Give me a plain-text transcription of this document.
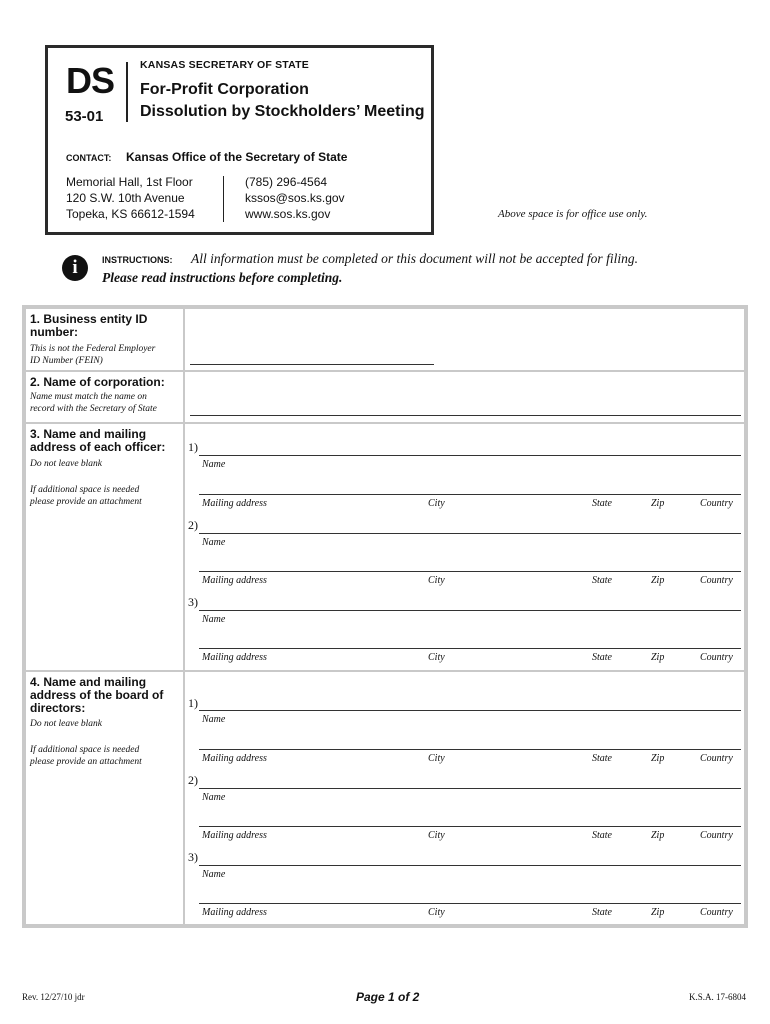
DS
53-01
KANSAS SECRETARY OF STATE
For-Profit Corporation
Dissolution by Stockholders’ Meeting
CONTACT: Kansas Office of the Secretary of State
Memorial Hall, 1st Floor
120 S.W. 10th Avenue
Topeka, KS 66612-1594
(785) 296-4564
kssos@sos.ks.gov
www.sos.ks.gov	Above space is for office use only.
i	INSTRUCTIONS: All information must be completed or this document will not be accepted for filing.
Please read instructions before completing.
1. Business entity ID
number:
This is not the Federal Employer
ID Number (FEIN)
2. Name of corporation:
Name must match the name on
record with the Secretary of State
3. Name and mailing
address of each officer:
Do not leave blank
If additional space is needed
please provide an attachment
1)
Name
Mailing address	City	State	Zip	Country
2)
Name
Mailing address	City	State	Zip	Country
3)
Name
Mailing address	City	State	Zip	Country
4. Name and mailing
address of the board of
directors:
Do not leave blank
If additional space is needed
please provide an attachment
1)
Name
Mailing address	City	State	Zip	Country
2)
Name
Mailing address	City	State	Zip	Country
3)
Name
Mailing address	City	State	Zip	Country
Rev. 12/27/10 jdr	Page 1 of 2	K.S.A. 17-6804
